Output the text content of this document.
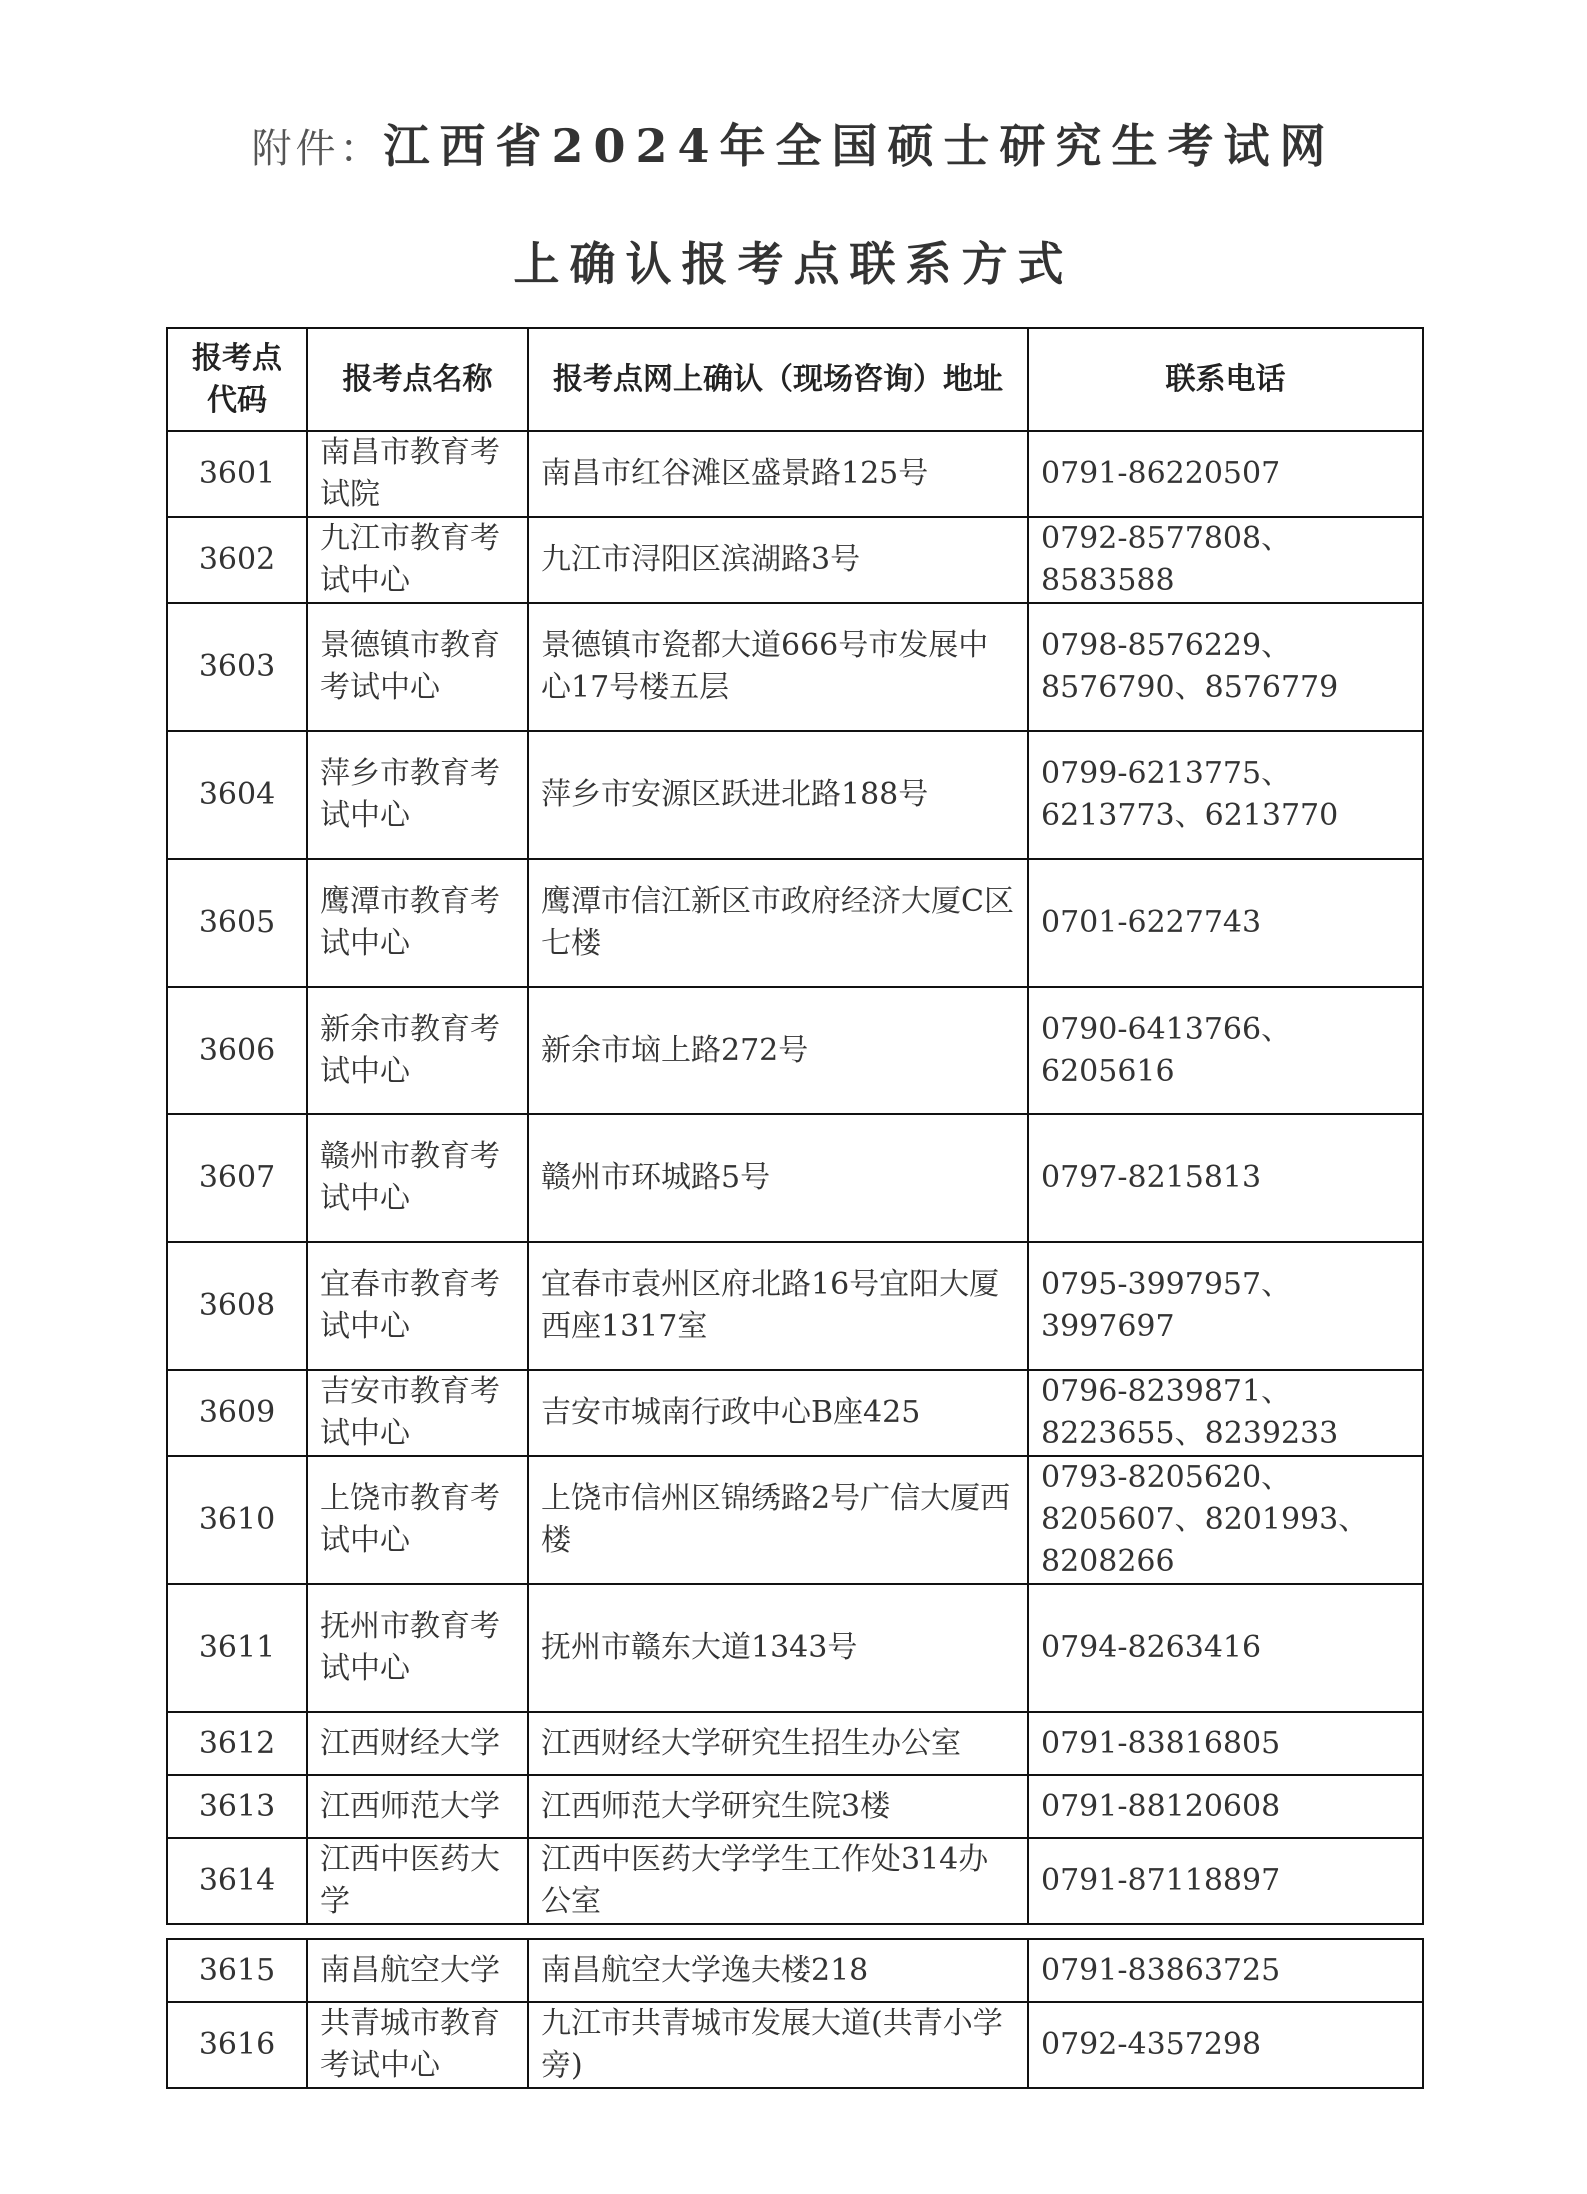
附件：江西省2024年全国硕士研究生考试网
上确认报考点联系方式
报考点代码	报考点名称	报考点网上确认（现场咨询）地址	联系电话
3601	南昌市教育考试院	南昌市红谷滩区盛景路125号	0791-86220507
3602	九江市教育考试中心	九江市浔阳区滨湖路3号	0792-8577808、8583588
3603	景德镇市教育考试中心	景德镇市瓷都大道666号市发展中心17号楼五层	0798-8576229、8576790、8576779
3604	萍乡市教育考试中心	萍乡市安源区跃进北路188号	0799-6213775、6213773、6213770
3605	鹰潭市教育考试中心	鹰潭市信江新区市政府经济大厦C区七楼	0701-6227743
3606	新余市教育考试中心	新余市垴上路272号	0790-6413766、6205616
3607	赣州市教育考试中心	赣州市环城路5号	0797-8215813
3608	宜春市教育考试中心	宜春市袁州区府北路16号宜阳大厦西座1317室	0795-3997957、3997697
3609	吉安市教育考试中心	吉安市城南行政中心B座425	0796-8239871、8223655、8239233
3610	上饶市教育考试中心	上饶市信州区锦绣路2号广信大厦西楼	0793-8205620、8205607、8201993、8208266
3611	抚州市教育考试中心	抚州市赣东大道1343号	0794-8263416
3612	江西财经大学	江西财经大学研究生招生办公室	0791-83816805
3613	江西师范大学	江西师范大学研究生院3楼	0791-88120608
3614	江西中医药大学	江西中医药大学学生工作处314办公室	0791-87118897
3615	南昌航空大学	南昌航空大学逸夫楼218	0791-83863725
3616	共青城市教育考试中心	九江市共青城市发展大道(共青小学旁)	0792-4357298
